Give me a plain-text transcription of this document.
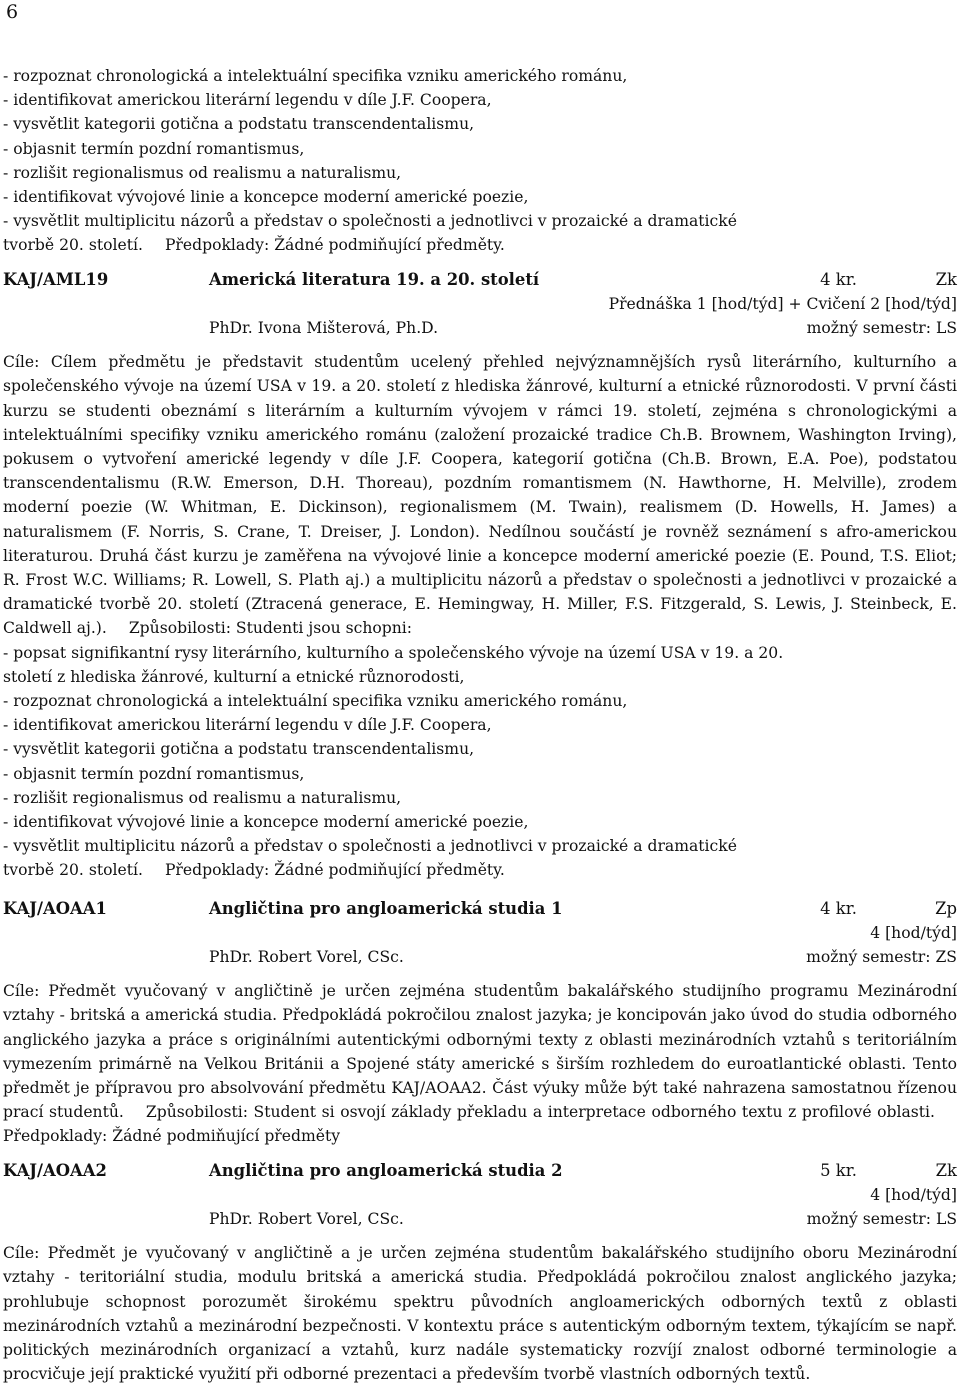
6
- rozpoznat chronologická a intelektuální specifika vzniku amerického románu,
- identifikovat americkou literární legendu v díle J.F. Coopera,
- vysvětlit kategorii gotična a podstatu transcendentalismu,
- objasnit termín pozdní romantismus,
- rozlišit regionalismus od realismu a naturalismu,
- identifikovat vývojové linie a koncepce moderní americké poezie,
- vysvětlit multiplicitu názorů a představ o společnosti a jednotlivci v prozaické a dramatické
tvorbě 20. století. Předpoklady: Žádné podmiňující předměty.
KAJ/AML19	Americká literatura 19. a 20. století	4 kr.	Zk
Přednáška 1 [hod/týd] + Cvičení 2 [hod/týd]
PhDr. Ivona Mišterová, Ph.D.	možný semestr: LS
Cíle: Cílem předmětu je představit studentům ucelený přehled nejvýznamnějších rysů literárního, kulturního a společenského vývoje na území USA v 19. a 20. století z hlediska žánrové, kulturní a etnické různorodosti. V první části kurzu se studenti obeznámí s literárním a kulturním vývojem v rámci 19. století, zejména s chronologickými a intelektuálními specifiky vzniku amerického románu (založení prozaické tradice Ch.B. Brownem, Washington Irving), pokusem o vytvoření americké legendy v díle J.F. Coopera, kategorií gotična (Ch.B. Brown, E.A. Poe), podstatou transcendentalismu (R.W. Emerson, D.H. Thoreau), pozdním romantismem (N. Hawthorne, H. Melville), zrodem moderní poezie (W. Whitman, E. Dickinson), regionalismem (M. Twain), realismem (D. Howells, H. James) a naturalismem (F. Norris, S. Crane, T. Dreiser, J. London). Nedílnou součástí je rovněž seznámení s afro-americkou literaturou. Druhá část kurzu je zaměřena na vývojové linie a koncepce moderní americké poezie (E. Pound, T.S. Eliot; R. Frost W.C. Williams; R. Lowell, S. Plath aj.) a multiplicitu názorů a představ o společnosti a jednotlivci v prozaické a dramatické tvorbě 20. století (Ztracená generace, E. Hemingway, H. Miller, F.S. Fitzgerald, S. Lewis, J. Steinbeck, E. Caldwell aj.). Způsobilosti: Studenti jsou schopni:
- popsat signifikantní rysy literárního, kulturního a společenského vývoje na území USA v 19. a 20.
století z hlediska žánrové, kulturní a etnické různorodosti,
- rozpoznat chronologická a intelektuální specifika vzniku amerického románu,
- identifikovat americkou literární legendu v díle J.F. Coopera,
- vysvětlit kategorii gotična a podstatu transcendentalismu,
- objasnit termín pozdní romantismus,
- rozlišit regionalismus od realismu a naturalismu,
- identifikovat vývojové linie a koncepce moderní americké poezie,
- vysvětlit multiplicitu názorů a představ o společnosti a jednotlivci v prozaické a dramatické
tvorbě 20. století. Předpoklady: Žádné podmiňující předměty.
KAJ/AOAA1	Angličtina pro angloamerická studia 1	4 kr.	Zp
4 [hod/týd]
PhDr. Robert Vorel, CSc.	možný semestr: ZS
Cíle: Předmět vyučovaný v angličtině je určen zejména studentům bakalářského studijního programu Mezinárodní vztahy - britská a americká studia. Předpokládá pokročilou znalost jazyka; je koncipován jako úvod do studia odborného anglického jazyka a práce s originálními autentickými odbornými texty z oblasti mezinárodních vztahů s teritoriálním vymezením primárně na Velkou Británii a Spojené státy americké s širším rozhledem do euroatlantické oblasti. Tento předmět je přípravou pro absolvování předmětu KAJ/AOAA2. Část výuky může být také nahrazena samostatnou řízenou prací studentů. Způsobilosti: Student si osvojí základy překladu a interpretace odborného textu z profilové oblasti.Předpoklady: Žádné podmiňující předměty
KAJ/AOAA2	Angličtina pro angloamerická studia 2	5 kr.	Zk
4 [hod/týd]
PhDr. Robert Vorel, CSc.	možný semestr: LS
Cíle: Předmět je vyučovaný v angličtině a je určen zejména studentům bakalářského studijního oboru Mezinárodní vztahy - teritoriální studia, modulu britská a americká studia. Předpokládá pokročilou znalost anglického jazyka; prohlubuje schopnost porozumět širokému spektru původních angloamerických odborných textů z oblasti mezinárodních vztahů a mezinárodní bezpečnosti. V kontextu práce s autentickým odborným textem, týkajícím se např. politických mezinárodních organizací a vztahů, kurz nadále systematicky rozvíjí znalost odborné terminologie a procvičuje její praktické využití při odborné prezentaci a především tvorbě vlastních odborných textů.
